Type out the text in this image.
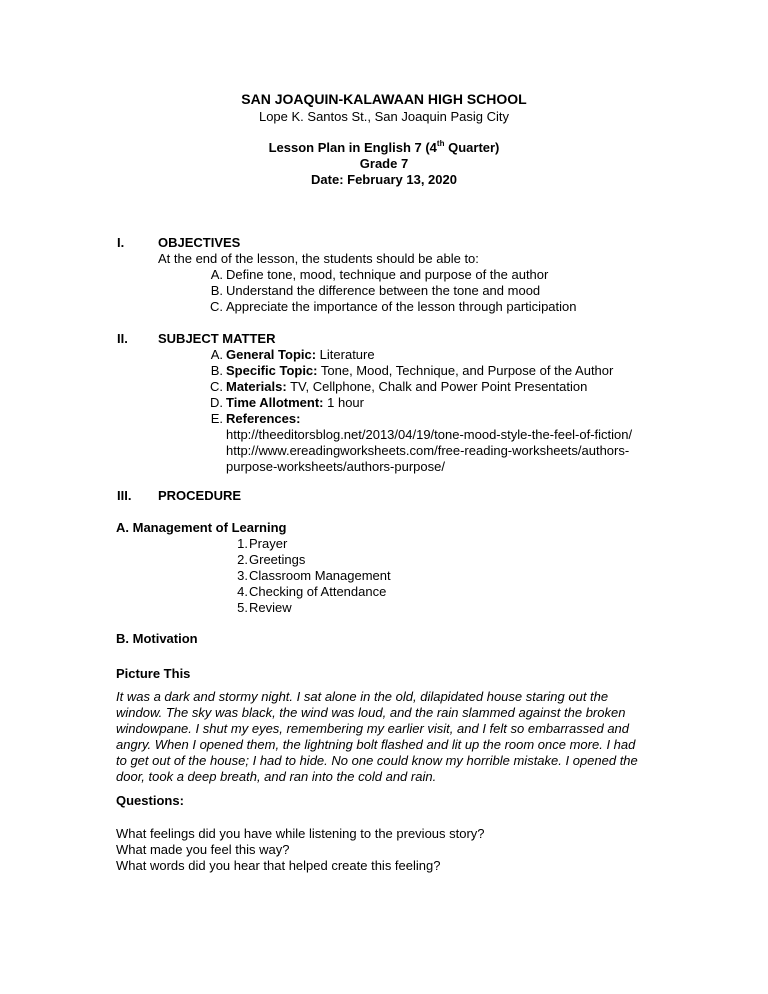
SAN JOAQUIN-KALAWAAN HIGH SCHOOL
Lope K. Santos St., San Joaquin Pasig City
Lesson Plan in English 7 (4th Quarter)
Grade 7
Date: February 13, 2020
I.	OBJECTIVES
At the end of the lesson, the students should be able to:
A. Define tone, mood, technique and purpose of the author
B. Understand the difference between the tone and mood
C. Appreciate the importance of the lesson through participation
II. SUBJECT MATTER
A. General Topic: Literature
B. Specific Topic: Tone, Mood, Technique, and Purpose of the Author
C. Materials: TV, Cellphone, Chalk and Power Point Presentation
D. Time Allotment: 1 hour
E. References:
http://theeditorsblog.net/2013/04/19/tone-mood-style-the-feel-of-fiction/
http://www.ereadingworksheets.com/free-reading-worksheets/authors-
purpose-worksheets/authors-purpose/
III. PROCEDURE
A. Management of Learning
1. Prayer
2. Greetings
3. Classroom Management
4. Checking of Attendance
5. Review
B. Motivation
Picture This
It was a dark and stormy night. I sat alone in the old, dilapidated house staring out the
window. The sky was black, the wind was loud, and the rain slammed against the broken
windowpane. I shut my eyes, remembering my earlier visit, and I felt so embarrassed and
angry. When I opened them, the lightning bolt flashed and lit up the room once more. I had
to get out of the house; I had to hide. No one could know my horrible mistake. I opened the
door, took a deep breath, and ran into the cold and rain.
Questions:
What feelings did you have while listening to the previous story?
What made you feel this way?
What words did you hear that helped create this feeling?
